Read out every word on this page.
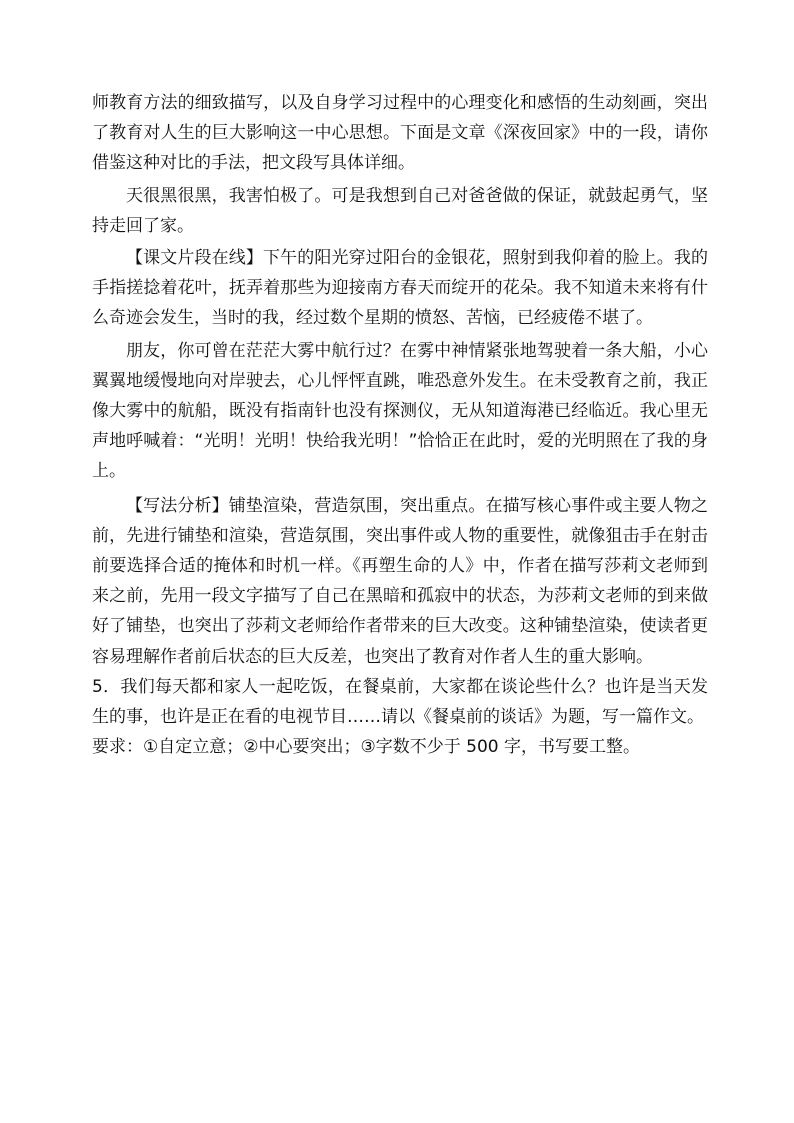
师教育方法的细致描写，以及自身学习过程中的心理变化和感悟的生动刻画，突出了教育对人生的巨大影响这一中心思想。下面是文章《深夜回家》中的一段，请你借鉴这种对比的手法，把文段写具体详细。

天很黑很黑，我害怕极了。可是我想到自己对爸爸做的保证，就鼓起勇气，坚持走回了家。

【课文片段在线】下午的阳光穿过阳台的金银花，照射到我仰着的脸上。我的手指搓捻着花叶，抚弄着那些为迎接南方春天而绽开的花朵。我不知道未来将有什么奇迹会发生，当时的我，经过数个星期的愤怒、苦恼，已经疲倦不堪了。

朋友，你可曾在茫茫大雾中航行过？在雾中神情紧张地驾驶着一条大船，小心翼翼地缓慢地向对岸驶去，心儿怦怦直跳，唯恐意外发生。在未受教育之前，我正像大雾中的航船，既没有指南针也没有探测仪，无从知道海港已经临近。我心里无声地呼喊着：“光明！光明！快给我光明！”恰恰正在此时，爱的光明照在了我的身上。

【写法分析】铺垫渲染，营造氛围，突出重点。在描写核心事件或主要人物之前，先进行铺垫和渲染，营造氛围，突出事件或人物的重要性，就像狙击手在射击前要选择合适的掩体和时机一样。《再塑生命的人》中，作者在描写莎莉文老师到来之前，先用一段文字描写了自己在黑暗和孤寂中的状态，为莎莉文老师的到来做好了铺垫，也突出了莎莉文老师给作者带来的巨大改变。这种铺垫渲染，使读者更容易理解作者前后状态的巨大反差，也突出了教育对作者人生的重大影响。

5．我们每天都和家人一起吃饭，在餐桌前，大家都在谈论些什么？也许是当天发生的事，也许是正在看的电视节目……请以《餐桌前的谈话》为题，写一篇作文。

要求：①自定立意；②中心要突出；③字数不少于 500 字，书写要工整。
